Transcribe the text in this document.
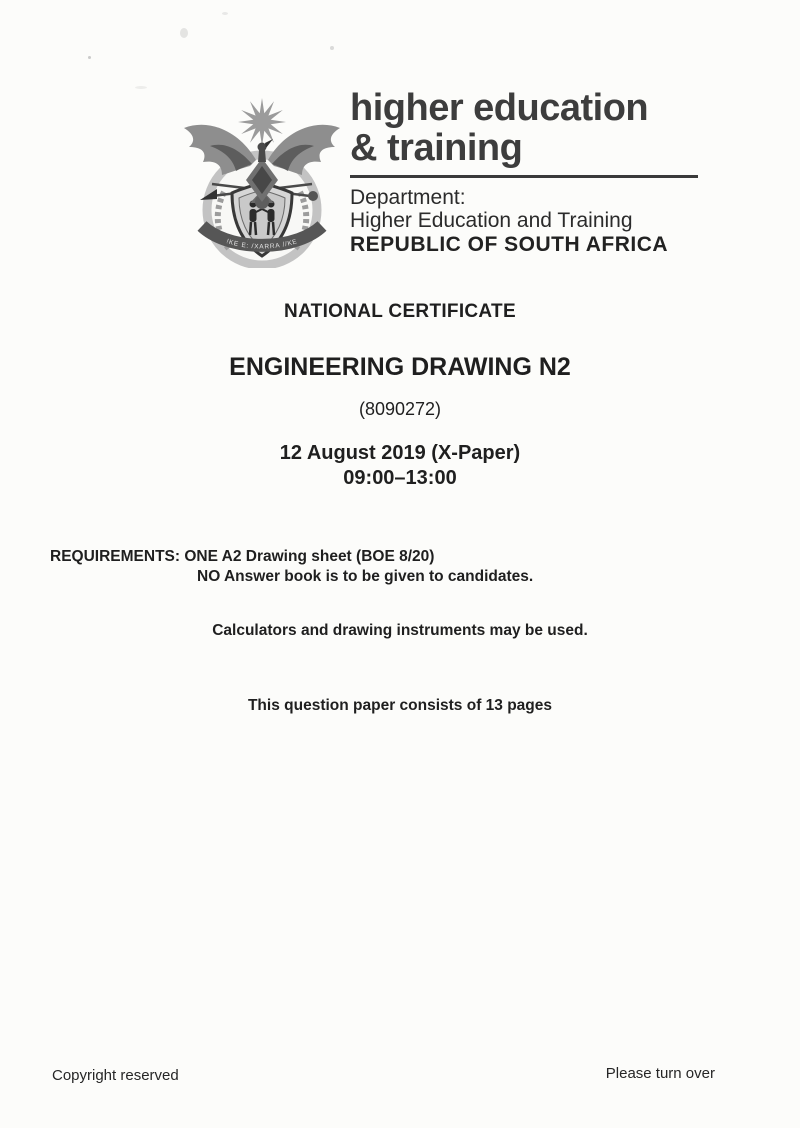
!KE E: /XARRA //KE
higher education
& training
Department:
Higher Education and Training
REPUBLIC OF SOUTH AFRICA
NATIONAL CERTIFICATE
ENGINEERING DRAWING N2
(8090272)
12 August 2019 (X-Paper)
09:00–13:00
REQUIREMENTS: ONE A2 Drawing sheet (BOE 8/20)
NO Answer book is to be given to candidates.
Calculators and drawing instruments may be used.
This question paper consists of 13 pages
Copyright reserved	Please turn over
